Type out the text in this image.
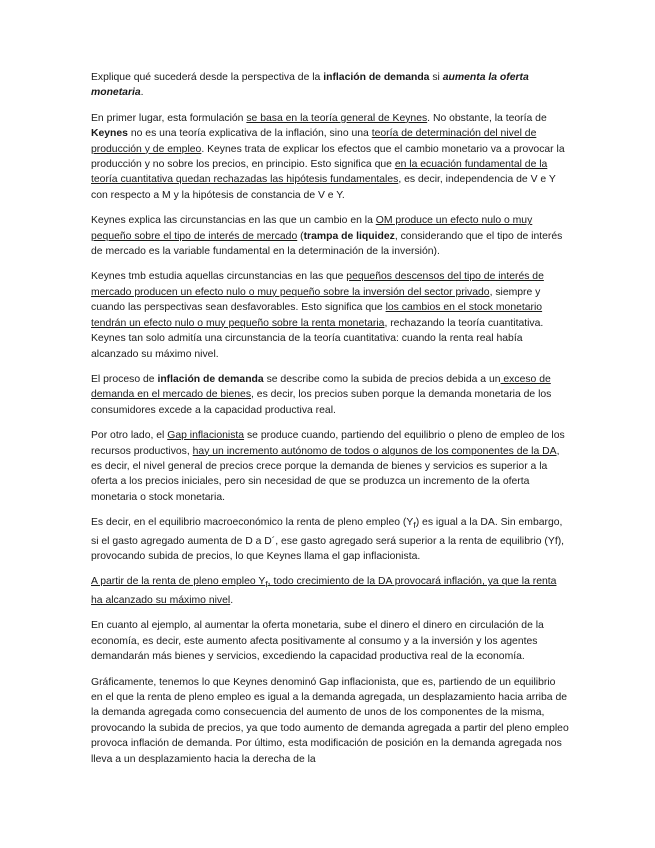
Explique qué sucederá desde la perspectiva de la inflación de demanda si aumenta la oferta monetaria.

En primer lugar, esta formulación se basa en la teoría general de Keynes. No obstante, la teoría de Keynes no es una teoría explicativa de la inflación, sino una teoría de determinación del nivel de producción y de empleo. Keynes trata de explicar los efectos que el cambio monetario va a provocar la producción y no sobre los precios, en principio. Esto significa que en la ecuación fundamental de la teoría cuantitativa quedan rechazadas las hipótesis fundamentales, es decir, independencia de V e Y con respecto a M y la hipótesis de constancia de V e Y.

Keynes explica las circunstancias en las que un cambio en la OM produce un efecto nulo o muy pequeño sobre el tipo de interés de mercado (trampa de liquidez, considerando que el tipo de interés de mercado es la variable fundamental en la determinación de la inversión).

Keynes tmb estudia aquellas circunstancias en las que pequeños descensos del tipo de interés de mercado producen un efecto nulo o muy pequeño sobre la inversión del sector privado, siempre y cuando las perspectivas sean desfavorables. Esto significa que los cambios en el stock monetario tendrán un efecto nulo o muy pequeño sobre la renta monetaria, rechazando la teoría cuantitativa. Keynes tan solo admitía una circunstancia de la teoría cuantitativa: cuando la renta real había alcanzado su máximo nivel.

El proceso de inflación de demanda se describe como la subida de precios debida a un exceso de demanda en el mercado de bienes, es decir, los precios suben porque la demanda monetaria de los consumidores excede a la capacidad productiva real.

Por otro lado, el Gap inflacionista se produce cuando, partiendo del equilibrio o pleno de empleo de los recursos productivos, hay un incremento autónomo de todos o algunos de los componentes de la DA, es decir, el nivel general de precios crece porque la demanda de bienes y servicios es superior a la oferta a los precios iniciales, pero sin necesidad de que se produzca un incremento de la oferta monetaria o stock monetaria.

Es decir, en el equilibrio macroeconómico la renta de pleno empleo $(Y_f)$ es igual a la DA. Sin embargo, si el gasto agregado aumenta de D a D´, ese gasto agregado será superior a la renta de equilibrio (Yf), provocando subida de precios, lo que Keynes llama el gap inflacionista.

A partir de la renta de pleno empleo $Y_f$, todo crecimiento de la DA provocará inflación, ya que la renta ha alcanzado su máximo nivel.

En cuanto al ejemplo, al aumentar la oferta monetaria, sube el dinero el dinero en circulación de la economía, es decir, este aumento afecta positivamente al consumo y a la inversión y los agentes demandarán más bienes y servicios, excediendo la capacidad productiva real de la economía.

Gráficamente, tenemos lo que Keynes denominó Gap inflacionista, que es, partiendo de un equilibrio en el que la renta de pleno empleo es igual a la demanda agregada, un desplazamiento hacia arriba de la demanda agregada como consecuencia del aumento de unos de los componentes de la misma, provocando la subida de precios, ya que todo aumento de demanda agregada a partir del pleno empleo provoca inflación de demanda. Por último, esta modificación de posición en la demanda agregada nos lleva a un desplazamiento hacia la derecha de la
